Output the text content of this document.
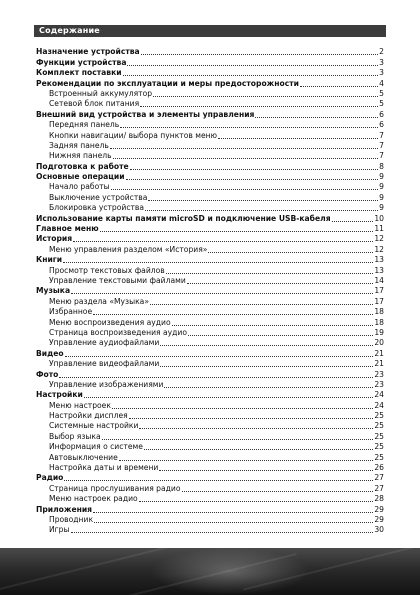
Содержание
Назначение устройства	2
Функции устройства	3
Комплект поставки	3
Рекомендации по эксплуатации и меры предосторожности	4
Встроенный аккумулятор	5
Сетевой блок питания	5
Внешний вид устройства и элементы управления	6
Передняя панель	6
Кнопки навигации/ выбора пунктов меню	7
Задняя панель	7
Нижняя панель	7
Подготовка к работе	8
Основные операции	9
Начало работы	9
Выключение устройства	9
Блокировка устройства	9
Использование карты памяти microSD и подключение USB-кабеля	10
Главное меню	11
История	12
Меню управления разделом «История»	12
Книги	13
Просмотр текстовых файлов	13
Управление текстовыми файлами	14
Музыка	17
Меню раздела «Музыка»	17
Избранное	18
Меню воспроизведения аудио	18
Страница воспроизведения аудио	19
Управление аудиофайлами	20
Видео	21
Управление видеофайлами	21
Фото	23
Управление изображениями	23
Настройки	24
Меню настроек	24
Настройки дисплея	25
Системные настройки	25
Выбор языка	25
Информация о системе	25
Автовыключение	25
Настройка даты и времени	26
Радио	27
Страница прослушивания радио	27
Меню настроек радио	28
Приложения	29
Проводник	29
Игры	30
